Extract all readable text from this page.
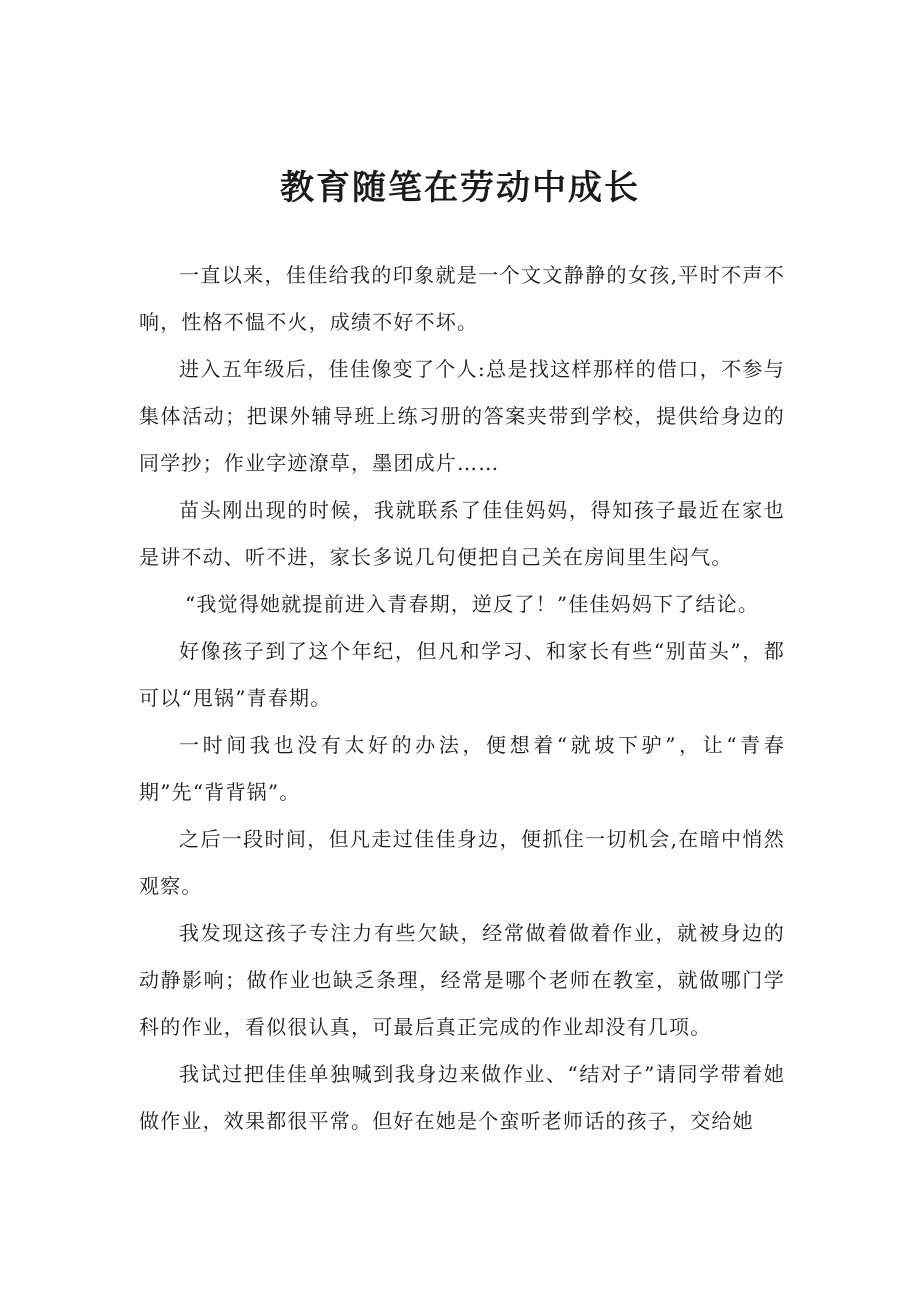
教育随笔在劳动中成长

一直以来，佳佳给我的印象就是一个文文静静的女孩,平时不声不响，性格不愠不火，成绩不好不坏。

进入五年级后，佳佳像变了个人:总是找这样那样的借口，不参与集体活动；把课外辅导班上练习册的答案夹带到学校，提供给身边的同学抄；作业字迹潦草，墨团成片……

苗头刚出现的时候，我就联系了佳佳妈妈，得知孩子最近在家也是讲不动、听不进，家长多说几句便把自己关在房间里生闷气。

“我觉得她就提前进入青春期，逆反了！”佳佳妈妈下了结论。

好像孩子到了这个年纪，但凡和学习、和家长有些“别苗头”，都可以“甩锅”青春期。

一时间我也没有太好的办法，便想着“就坡下驴”，让“青春期”先“背背锅”。

之后一段时间，但凡走过佳佳身边，便抓住一切机会,在暗中悄然观察。

我发现这孩子专注力有些欠缺，经常做着做着作业，就被身边的动静影响；做作业也缺乏条理，经常是哪个老师在教室，就做哪门学科的作业，看似很认真，可最后真正完成的作业却没有几项。

我试过把佳佳单独喊到我身边来做作业、“结对子”请同学带着她做作业，效果都很平常。但好在她是个蛮听老师话的孩子，交给她
